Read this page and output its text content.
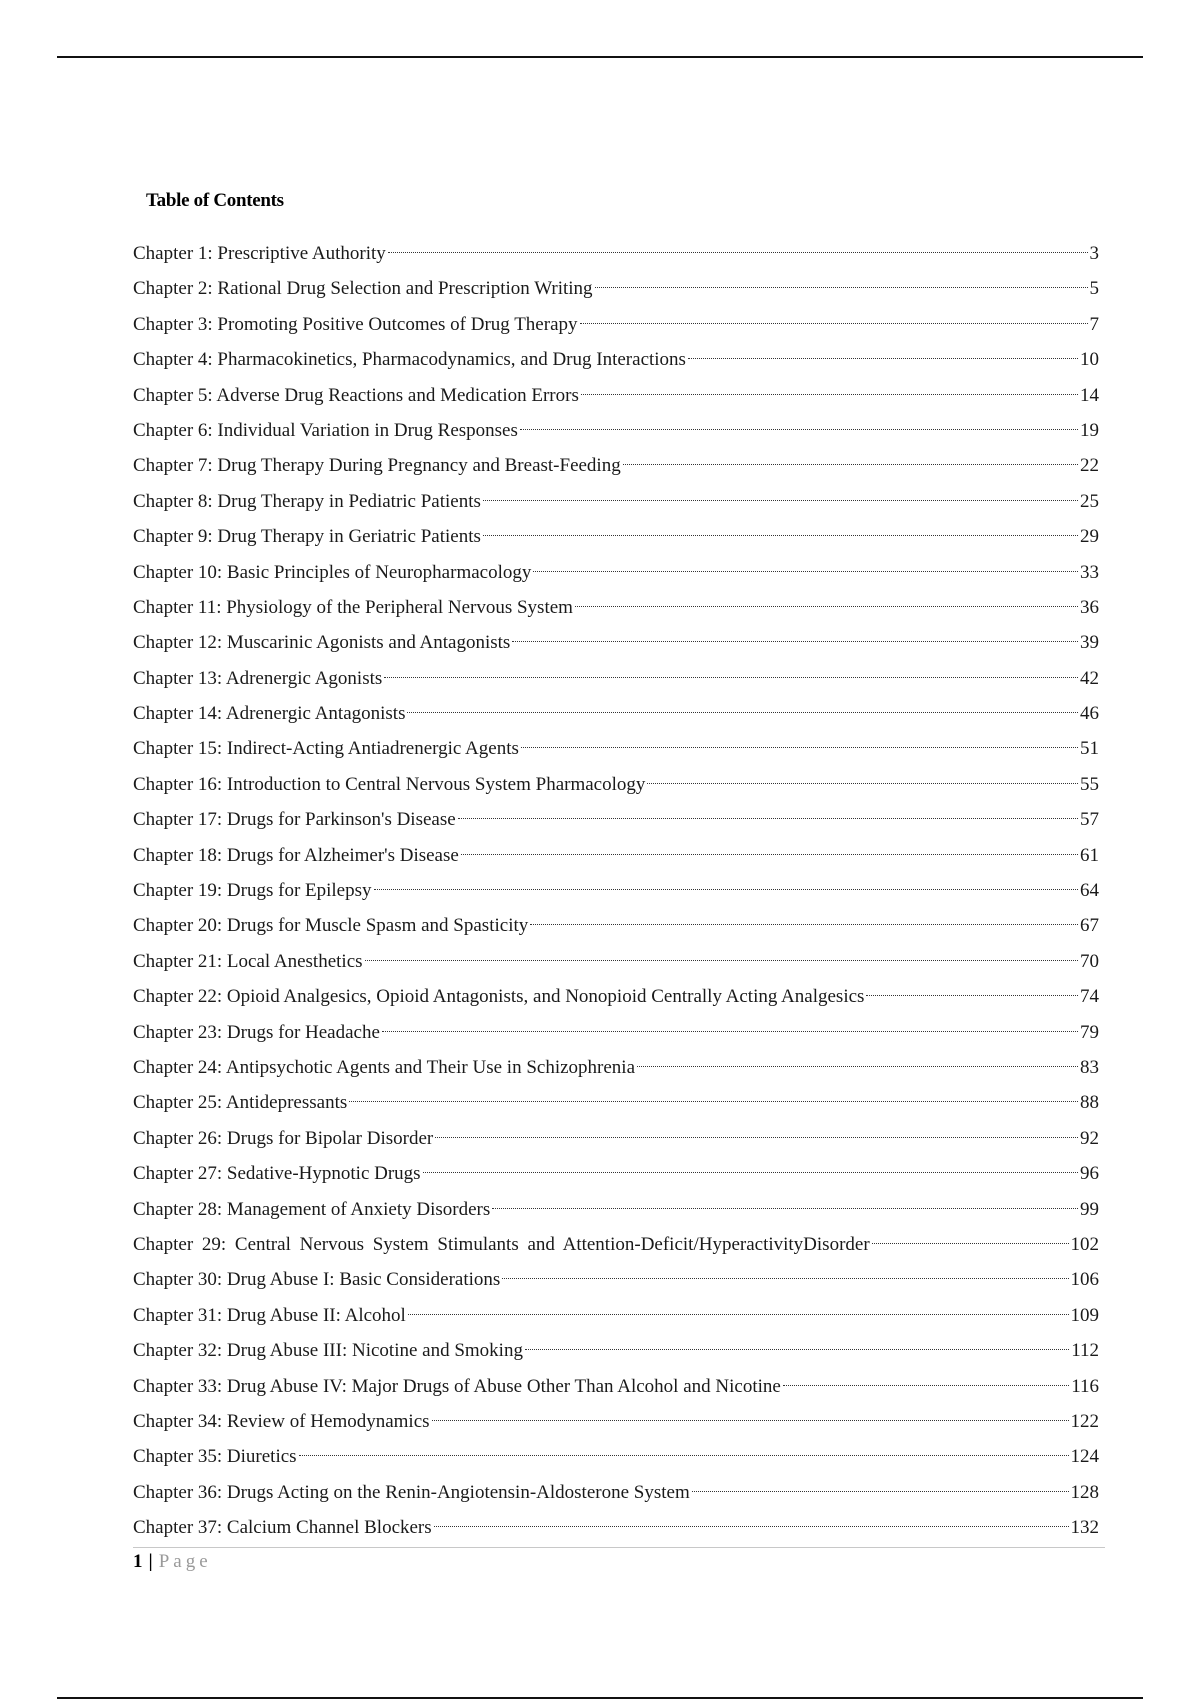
Table of Contents
Chapter 1: Prescriptive Authority	3
Chapter 2: Rational Drug Selection and Prescription Writing	5
Chapter 3: Promoting Positive Outcomes of Drug Therapy	7
Chapter 4: Pharmacokinetics, Pharmacodynamics, and Drug Interactions	10
Chapter 5: Adverse Drug Reactions and Medication Errors	14
Chapter 6: Individual Variation in Drug Responses	19
Chapter 7: Drug Therapy During Pregnancy and Breast-Feeding	22
Chapter 8: Drug Therapy in Pediatric Patients	25
Chapter 9: Drug Therapy in Geriatric Patients	29
Chapter 10: Basic Principles of Neuropharmacology	33
Chapter 11: Physiology of the Peripheral Nervous System	36
Chapter 12: Muscarinic Agonists and Antagonists	39
Chapter 13: Adrenergic Agonists	42
Chapter 14: Adrenergic Antagonists	46
Chapter 15: Indirect-Acting Antiadrenergic Agents	51
Chapter 16: Introduction to Central Nervous System Pharmacology	55
Chapter 17: Drugs for Parkinson's Disease	57
Chapter 18: Drugs for Alzheimer's Disease	61
Chapter 19: Drugs for Epilepsy	64
Chapter 20: Drugs for Muscle Spasm and Spasticity	67
Chapter 21: Local Anesthetics	70
Chapter 22: Opioid Analgesics, Opioid Antagonists, and Nonopioid Centrally Acting Analgesics	74
Chapter 23: Drugs for Headache	79
Chapter 24: Antipsychotic Agents and Their Use in Schizophrenia	83
Chapter 25: Antidepressants	88
Chapter 26: Drugs for Bipolar Disorder	92
Chapter 27: Sedative-Hypnotic Drugs	96
Chapter 28: Management of Anxiety Disorders	99
Chapter 29: Central Nervous System Stimulants and Attention-Deficit/HyperactivityDisorder	102
Chapter 30: Drug Abuse I: Basic Considerations	106
Chapter 31: Drug Abuse II: Alcohol	109
Chapter 32: Drug Abuse III: Nicotine and Smoking	112
Chapter 33: Drug Abuse IV: Major Drugs of Abuse Other Than Alcohol and Nicotine	116
Chapter 34: Review of Hemodynamics	122
Chapter 35: Diuretics	124
Chapter 36: Drugs Acting on the Renin-Angiotensin-Aldosterone System	128
Chapter 37: Calcium Channel Blockers	132
1 | Page
